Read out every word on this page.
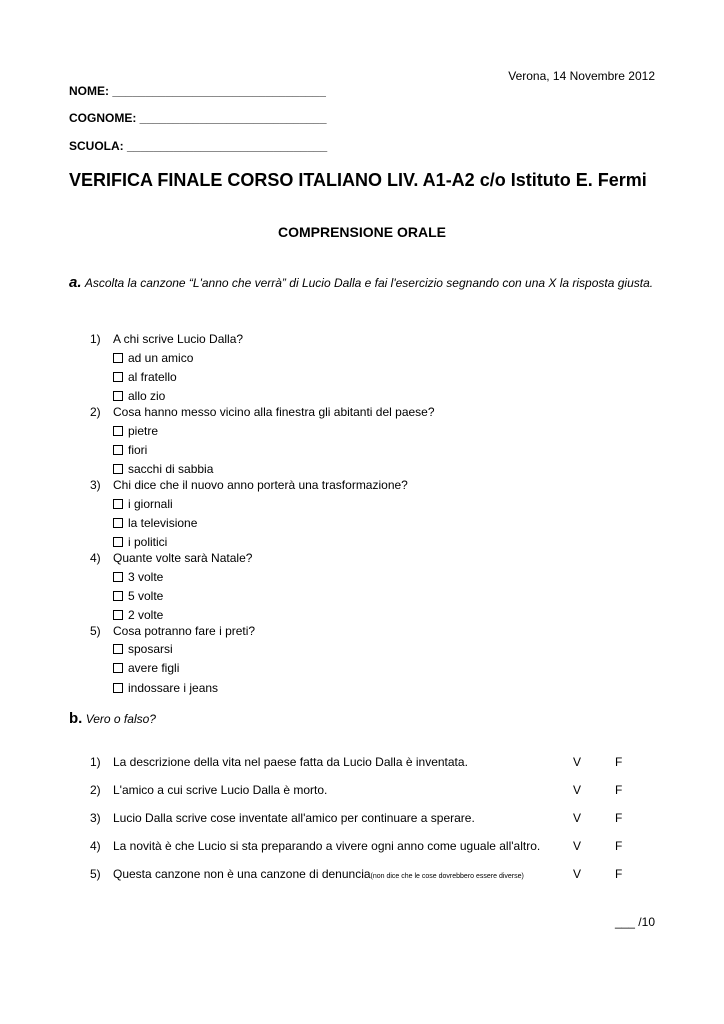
Verona, 14 Novembre 2012
NOME: ________________________________
COGNOME: ____________________________
SCUOLA: ______________________________
VERIFICA FINALE CORSO ITALIANO LIV. A1-A2 c/o Istituto E. Fermi
COMPRENSIONE ORALE
a. Ascolta la canzone “L'anno che verrà” di Lucio Dalla e fai l'esercizio segnando con una X la risposta giusta.
1) A chi scrive Lucio Dalla?
ad un amico
al fratello
allo zio
2) Cosa hanno messo vicino alla finestra gli abitanti del paese?
pietre
fiori
sacchi di sabbia
3) Chi dice che il nuovo anno porterà una trasformazione?
i giornali
la televisione
i politici
4) Quante volte sarà Natale?
3 volte
5 volte
2 volte
5) Cosa potranno fare i preti?
sposarsi
avere figli
indossare i jeans
b. Vero o falso?
1) La descrizione della vita nel paese fatta da Lucio Dalla è inventata.	V	F
2) L'amico a cui scrive Lucio Dalla è morto.	V	F
3) Lucio Dalla scrive cose inventate all'amico per continuare a sperare.	V	F
4) La novità è che Lucio si sta preparando a vivere ogni anno come uguale all'altro.	V	F
5) Questa canzone non è una canzone di denuncia(non dice che le cose dovrebbero essere diverse)	V	F
___ /10
